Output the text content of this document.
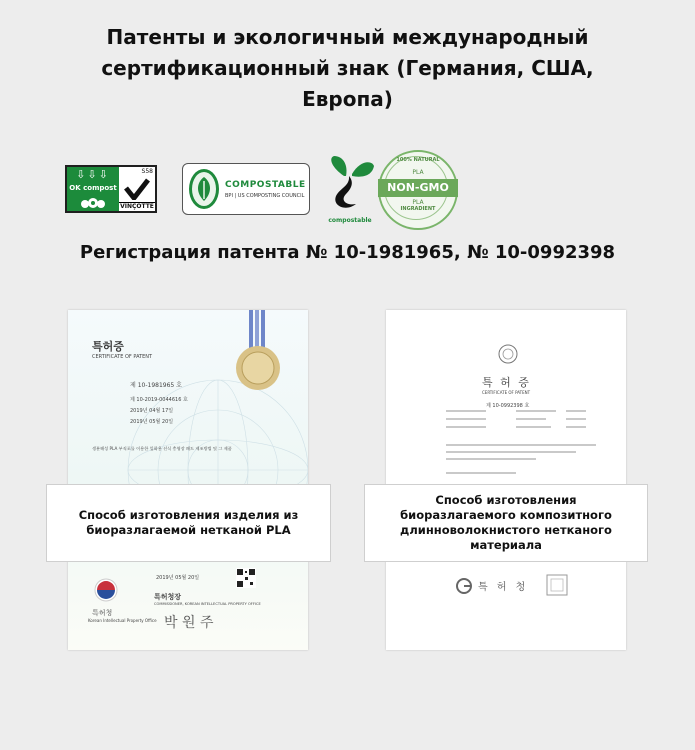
Патенты и экологичный международный
сертификационный знак (Германия, США,
Европа)
⇩⇩⇩
OK compost
S58
VINÇOTTE
COMPOSTABLE
BPI | US COMPOSTING COUNCIL
compostable
100% NATURAL
PLA
NON-GMO
PLA
INGRADIENT
Регистрация патента № 10-1981965, № 10-0992398
특허증
CERTIFICATE OF PATENT
제 10-1981965 호
제 10-2019-0044616 호
2019년 04월 17일
2019년 05월 20일
생분해성 PLA 부직포를 이용한 잎화용 선식 충영장 패드 제조방법 및 그 제품
2019년 05월 20일
특허청
Korean Intellectual Property Office
특허청장
COMMISSIONER, KOREAN INTELLECTUAL PROPERTY OFFICE
박 원 주
특 허 증
CERTIFICATE OF PATENT
제 10-0992398 호
특 허 청
Способ изготовления изделия из биоразлагаемой нетканой PLA
Способ изготовления биоразлагаемого композитного длинноволокнистого нетканого материала
